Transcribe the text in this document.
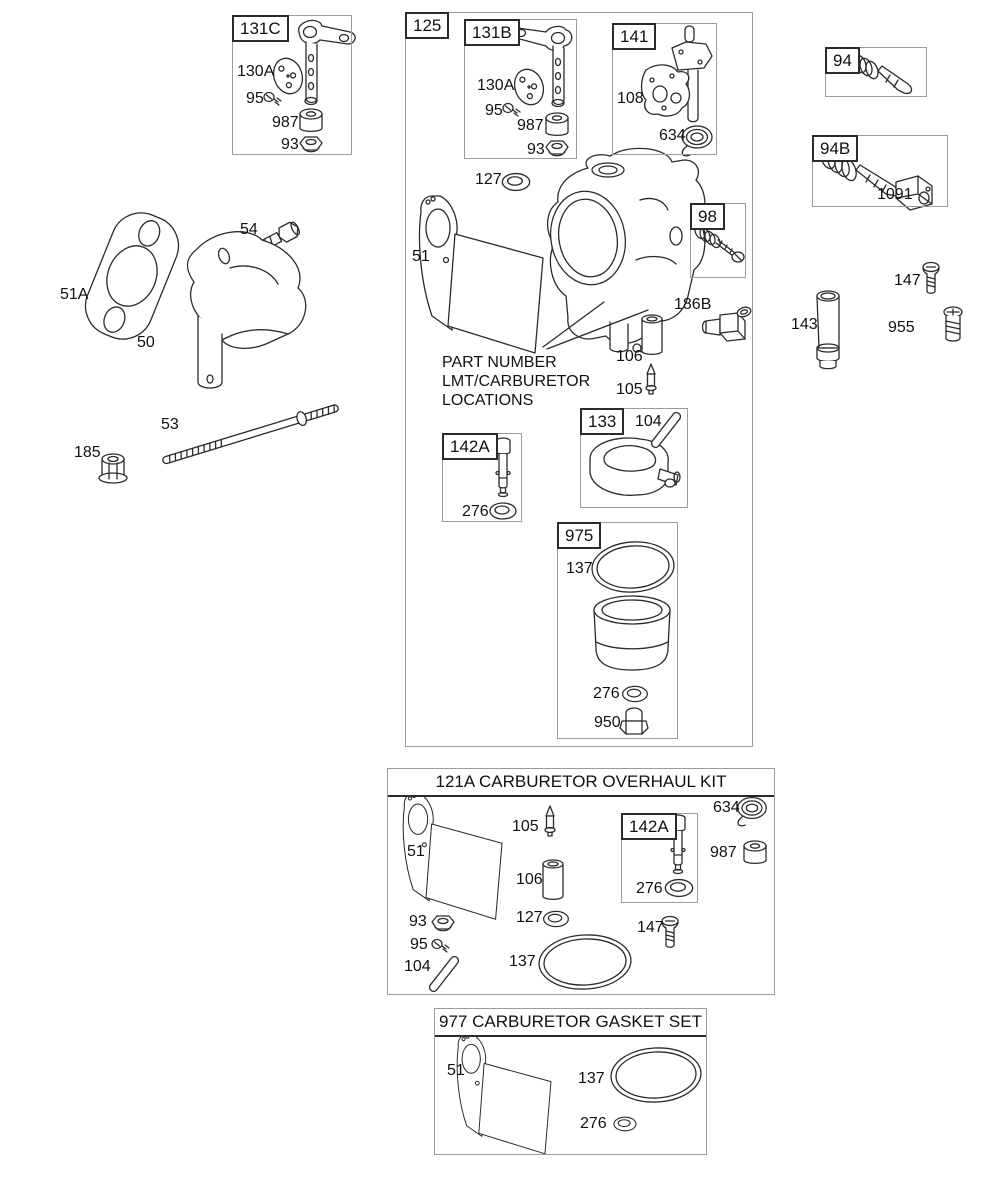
131C	125	131B	141
98
142A
133
975
94
94B
142A
121A CARBURETOR OVERHAUL KIT
977 CARBURETOR GASKET SET
130A
95
987
93
130A
95
987
93
108
634
127
51
186B
106
105
104
276
137
276
950
1091
147
955
143
54
51A
50
53
185
51
105
106
93
95
104
127
137
276
147
634
987
51	137
276
PART NUMBER
LMT/CARBURETOR
LOCATIONS
